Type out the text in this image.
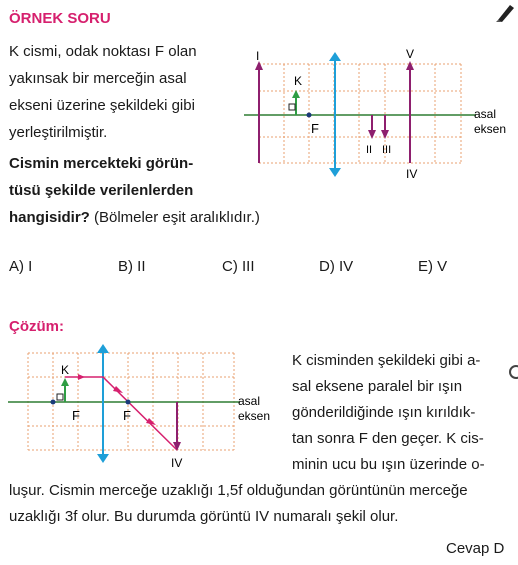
ÖRNEK SORU
K cismi, odak noktası F olan
yakınsak bir merceğin asal
ekseni üzerine şekildeki gibi
yerleştirilmiştir.
Cismin mercekteki görün-
tüsü şekilde verilenlerden
hangisidir? (Bölmeler eşit aralıklıdır.)
I
K
V
F
II III
IV
asal
eksen
A) I	B) II	C) III	D) IV	E) V
Çözüm:
K
F	F
IV
asal
eksen
K cisminden şekildeki gibi a-
sal eksene paralel bir ışın
gönderildiğinde ışın kırıldık-
tan sonra F den geçer. K cis-
minin ucu bu ışın üzerinde o-
luşur. Cismin merceğe uzaklığı 1,5f olduğundan görüntünün merceğe
uzaklığı 3f olur. Bu durumda görüntü IV numaralı şekil olur.
Cevap D
